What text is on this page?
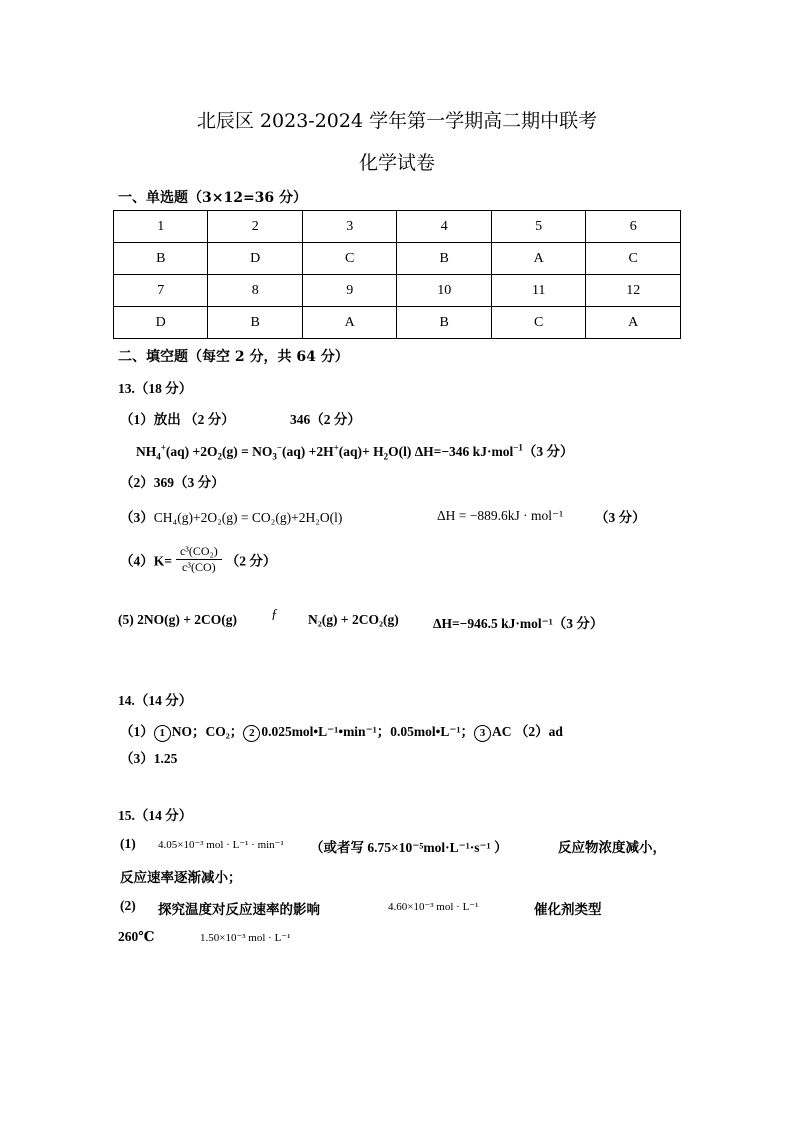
北辰区 2023-2024 学年第一学期高二期中联考
化学试卷
一、单选题（3×12=36 分）
1	2	3	4	5	6
B	D	C	B	A	C
7	8	9	10	11	12
D	B	A	B	C	A
二、填空题（每空 2 分，共 64 分）
13.（18 分）
（1）放出 （2 分）	346（2 分）
$NH_4^+(aq) +2O_2(g) = NO_3^-(aq) +2H^+(aq)+ H_2O(l)$ ΔH=−346 kJ·mol$^{-1}$（3 分）
（2）369（3 分）
（3）CH₄(g)+2O₂(g) = CO₂(g)+2H₂O(l)	ΔH = −889.6kJ · mol⁻¹ （3 分）
$(4)K= \frac{\text{c³(CO₂)}}{\text{c³(CO)}} (2$ 分）
(5) 2NO(g) + 2CO(g)	ƒ N₂(g) + 2CO₂(g)	ΔH=−946.5 kJ·mol⁻¹（3 分）
14.（14 分）
（1） 1 NO；CO₂； 2 0.025mol•L⁻¹•min⁻¹；0.05mol•L⁻¹； 3 AC （2）ad
（3）1.25
15.（14 分）
(1) 4.05×10⁻³ mol · L⁻¹ · min⁻¹ （或者写 6.75×10⁻⁵mol·L⁻¹·s⁻¹ ）	反应物浓度减小，
反应速率逐渐减小；
(2) 探究温度对反应速率的影响	4.60×10⁻³ mol · L⁻¹	催化剂类型
260℃	1.50×10⁻³ mol · L⁻¹
